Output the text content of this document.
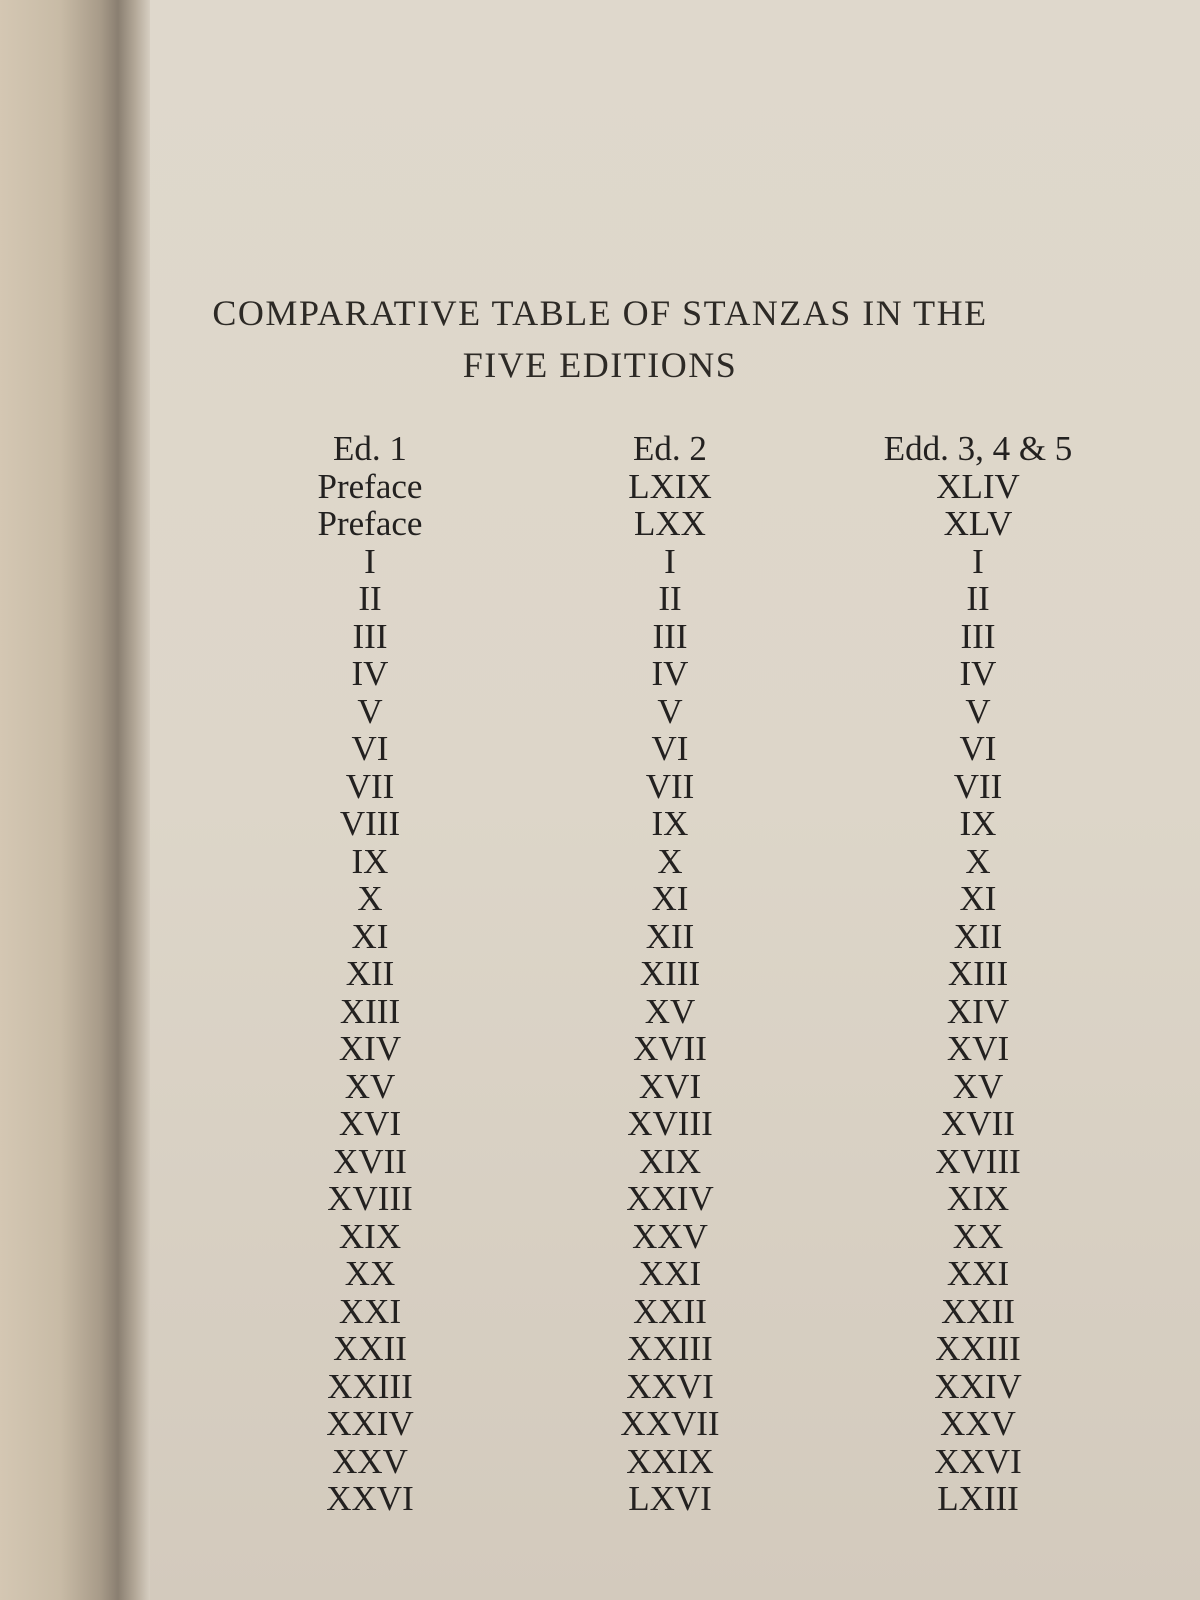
COMPARATIVE TABLE OF STANZAS IN THE
FIVE EDITIONS
Ed. 1
Preface
Preface
I
II
III
IV
V
VI
VII
VIII
IX
X
XI
XII
XIII
XIV
XV
XVI
XVII
XVIII
XIX
XX
XXI
XXII
XXIII
XXIV
XXV
XXVI
Ed. 2
LXIX
LXX
I
II
III
IV
V
VI
VII
IX
X
XI
XII
XIII
XV
XVII
XVI
XVIII
XIX
XXIV
XXV
XXI
XXII
XXIII
XXVI
XXVII
XXIX
LXVI
Edd. 3, 4 & 5
XLIV
XLV
I
II
III
IV
V
VI
VII
IX
X
XI
XII
XIII
XIV
XVI
XV
XVII
XVIII
XIX
XX
XXI
XXII
XXIII
XXIV
XXV
XXVI
LXIII
